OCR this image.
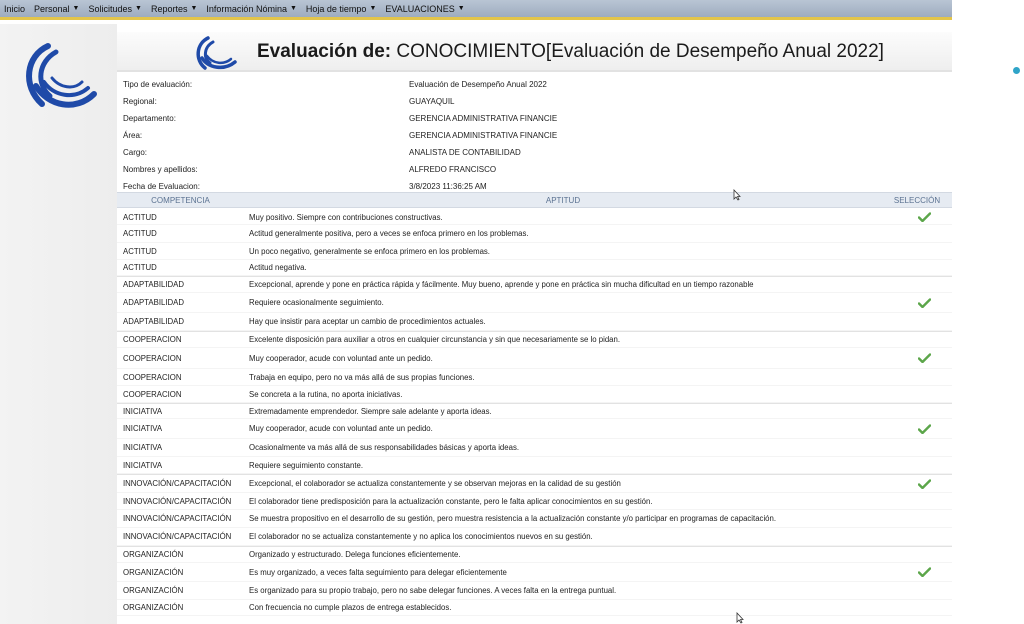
Inicio Personal ▼ Solicitudes ▼ Reportes ▼ Información Nómina ▼ Hoja de tiempo ▼ EVALUACIONES ▼
Evaluación de: CONOCIMIENTO[Evaluación de Desempeño Anual 2022]
Tipo de evaluación:	Evaluación de Desempeño Anual 2022
Regional:	GUAYAQUIL
Departamento:	GERENCIA ADMINISTRATIVA FINANCIE
Área:	GERENCIA ADMINISTRATIVA FINANCIE
Cargo:	ANALISTA DE CONTABILIDAD
Nombres y apellidos:	ALFREDO FRANCISCO
Fecha de Evaluacion:	3/8/2023 11:36:25 AM
COMPETENCIA	APTITUD	SELECCIÓN
ACTITUD	Muy positivo. Siempre con contribuciones constructivas.
ACTITUD	Actitud generalmente positiva, pero a veces se enfoca primero en los problemas.
ACTITUD	Un poco negativo, generalmente se enfoca primero en los problemas.
ACTITUD	Actitud negativa.
ADAPTABILIDAD	Excepcional, aprende y pone en práctica rápida y fácilmente. Muy bueno, aprende y pone en práctica sin mucha dificultad en un tiempo razonable
ADAPTABILIDAD	Requiere ocasionalmente seguimiento.
ADAPTABILIDAD	Hay que insistir para aceptar un cambio de procedimientos actuales.
COOPERACION	Excelente disposición para auxiliar a otros en cualquier circunstancia y sin que necesariamente se lo pidan.
COOPERACION	Muy cooperador, acude con voluntad ante un pedido.
COOPERACION	Trabaja en equipo, pero no va más allá de sus propias funciones.
COOPERACION	Se concreta a la rutina, no aporta iniciativas.
INICIATIVA	Extremadamente emprendedor. Siempre sale adelante y aporta ideas.
INICIATIVA	Muy cooperador, acude con voluntad ante un pedido.
INICIATIVA	Ocasionalmente va más allá de sus responsabilidades básicas y aporta ideas.
INICIATIVA	Requiere seguimiento constante.
INNOVACIÓN/CAPACITACIÓN	Excepcional, el colaborador se actualiza constantemente y se observan mejoras en la calidad de su gestión
INNOVACIÓN/CAPACITACIÓN	El colaborador tiene predisposición para la actualización constante, pero le falta aplicar conocimientos en su gestión.
INNOVACIÓN/CAPACITACIÓN	Se muestra propositivo en el desarrollo de su gestión, pero muestra resistencia a la actualización constante y/o participar en programas de capacitación.
INNOVACIÓN/CAPACITACIÓN	El colaborador no se actualiza constantemente y no aplica los conocimientos nuevos en su gestión.
ORGANIZACIÓN	Organizado y estructurado. Delega funciones eficientemente.
ORGANIZACIÓN	Es muy organizado, a veces falta seguimiento para delegar eficientemente
ORGANIZACIÓN	Es organizado para su propio trabajo, pero no sabe delegar funciones. A veces falta en la entrega puntual.
ORGANIZACIÓN	Con frecuencia no cumple plazos de entrega establecidos.
